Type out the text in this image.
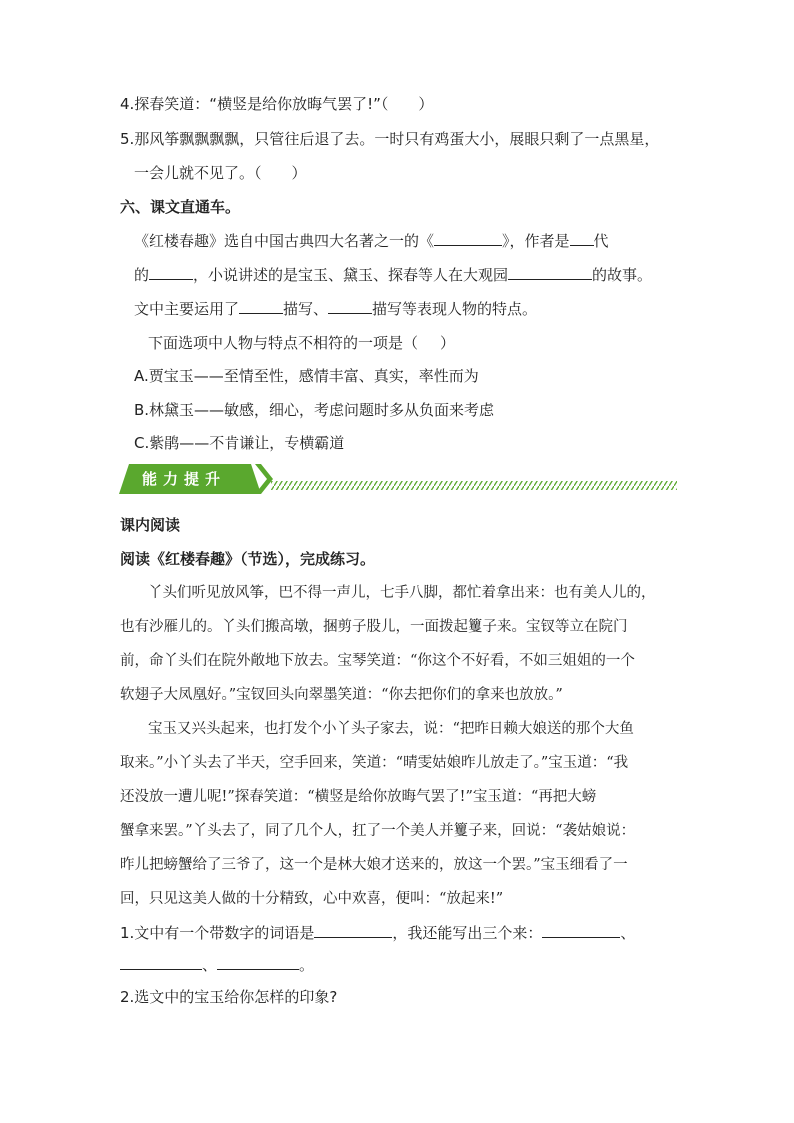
4.探春笑道：“横竖是给你放晦气罢了!”（ ）
5.那风筝飘飘飘飘，只管往后退了去。一时只有鸡蛋大小，展眼只剩了一点黑星，
一会儿就不见了。（ ）
六、课文直通车。
《红楼春趣》选自中国古典四大名著之一的《	》，作者是 代
的	，小说讲述的是宝玉、黛玉、探春等人在大观园	的故事。
文中主要运用了	描写、	描写等表现人物的特点。
下面选项中人物与特点不相符的一项是（ ）
A.贾宝玉——至情至性，感情丰富、真实，率性而为
B.林黛玉——敏感，细心，考虑问题时多从负面来考虑
C.紫鹃——不肯谦让，专横霸道
能力提升
课内阅读
阅读《红楼春趣》（节选），完成练习。
丫头们听见放风筝，巴不得一声儿，七手八脚，都忙着拿出来：也有美人儿的，
也有沙雁儿的。丫头们搬高墩，捆剪子股儿，一面拨起籰子来。宝钗等立在院门
前，命丫头们在院外敞地下放去。宝琴笑道：“你这个不好看，不如三姐姐的一个
软翅子大凤凰好。”宝钗回头向翠墨笑道：“你去把你们的拿来也放放。”
宝玉又兴头起来，也打发个小丫头子家去，说：“把昨日赖大娘送的那个大鱼
取来。”小丫头去了半天，空手回来，笑道：“晴雯姑娘昨儿放走了。”宝玉道：“我
还没放一遭儿呢!”探春笑道：“横竖是给你放晦气罢了!”宝玉道：“再把大螃
蟹拿来罢。”丫头去了，同了几个人，扛了一个美人并籰子来，回说：“袭姑娘说：
昨儿把螃蟹给了三爷了，这一个是林大娘才送来的，放这一个罢。”宝玉细看了一
回，只见这美人做的十分精致，心中欢喜，便叫：“放起来!”
1.文中有一个带数字的词语是	，我还能写出三个来：	、
、	。
2.选文中的宝玉给你怎样的印象?
